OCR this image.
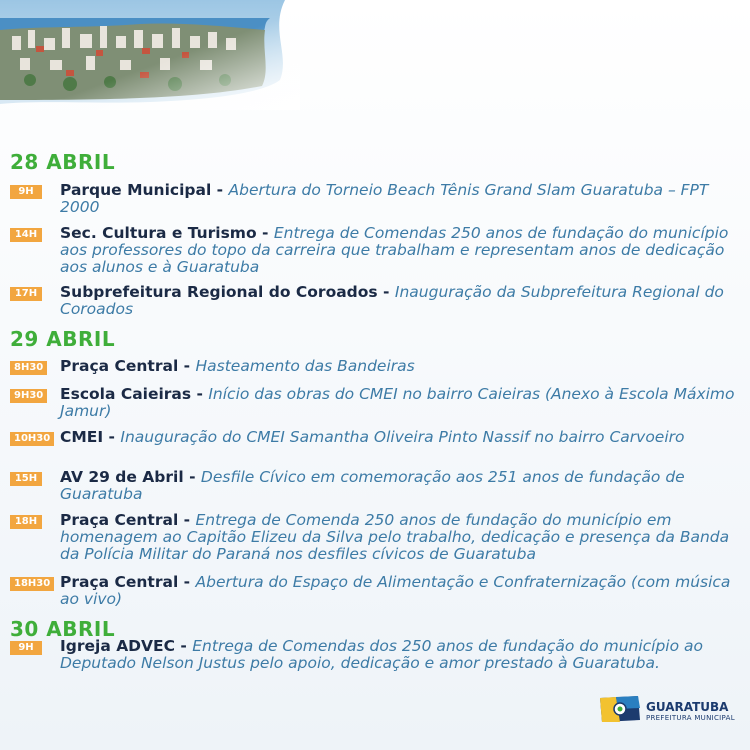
28 ABRIL
9H	Parque Municipal - Abertura do Torneio Beach Tênis Grand Slam Guaratuba – FPT 2000
14H	Sec. Cultura e Turismo - Entrega de Comendas 250 anos de fundação do município aos professores do topo da carreira que trabalham e representam anos de dedicação aos alunos e à Guaratuba
17H	Subprefeitura Regional do Coroados - Inauguração da Subprefeitura Regional do Coroados
29 ABRIL
8H30 Praça Central - Hasteamento das Bandeiras
9H30 Escola Caieiras - Início das obras do CMEI no bairro Caieiras (Anexo à Escola Máximo Jamur)
10H30 CMEI - Inauguração do CMEI Samantha Oliveira Pinto Nassif no bairro Carvoeiro
15H	AV 29 de Abril - Desfile Cívico em comemoração aos 251 anos de fundação de Guaratuba
18H	Praça Central - Entrega de Comenda 250 anos de fundação do município em homenagem ao Capitão Elizeu da Silva pelo trabalho, dedicação e presença da Banda da Polícia Militar do Paraná nos desfiles cívicos de Guaratuba
18H30 Praça Central - Abertura do Espaço de Alimentação e Confraternização (com música ao vivo)
30 ABRIL
9H	Igreja ADVEC - Entrega de Comendas dos 250 anos de fundação do município ao Deputado Nelson Justus pelo apoio, dedicação e amor prestado à Guaratuba.
GUARATUBA
PREFEITURA MUNICIPAL
